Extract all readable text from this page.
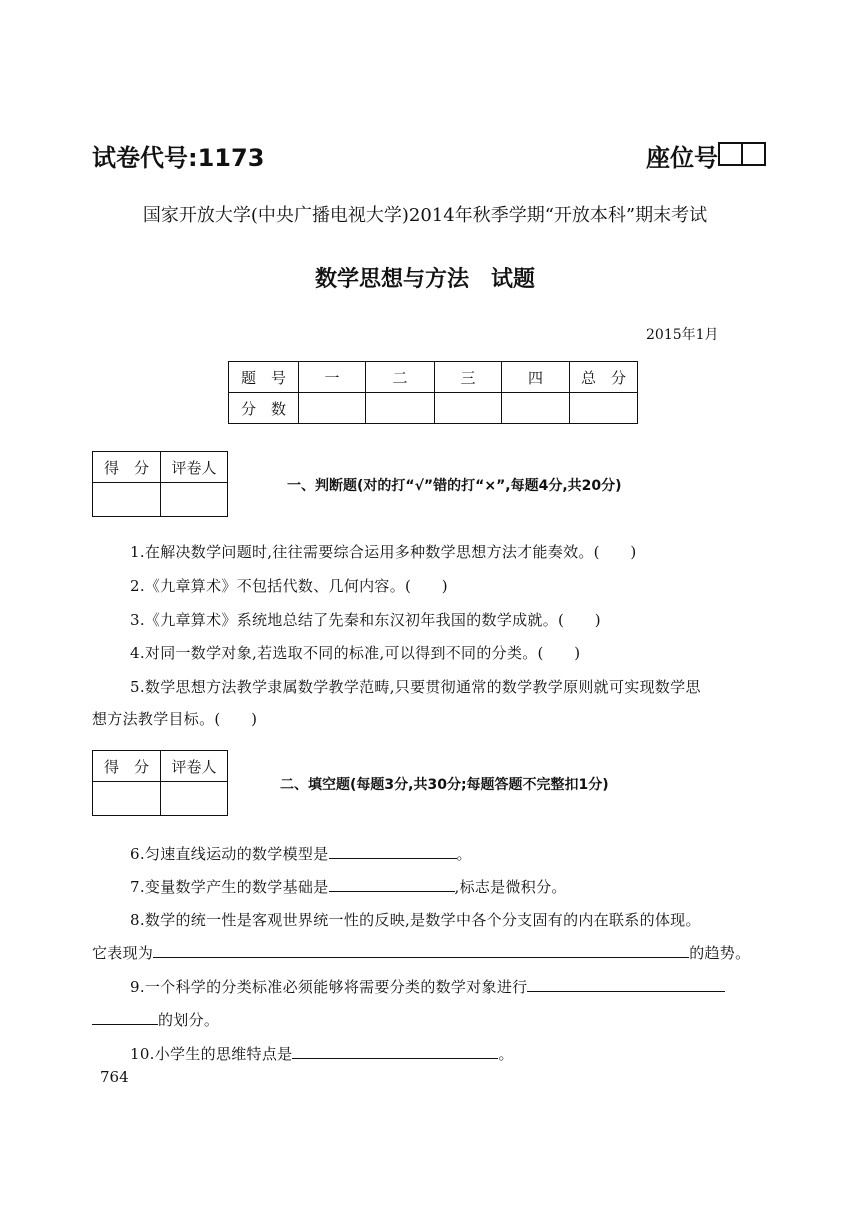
试卷代号:1173	座位号
国家开放大学(中央广播电视大学)2014年秋季学期“开放本科”期末考试
数学思想与方法　试题
2015年1月
题　号	一	二	三	四	总　分
分　数					
得　分	评卷人

一、判断题(对的打“√”错的打“×”,每题4分,共20分)
1.在解决数学问题时,往往需要综合运用多种数学思想方法才能奏效。(　　)
2.《九章算术》不包括代数、几何内容。(　　)
3.《九章算术》系统地总结了先秦和东汉初年我国的数学成就。(　　)
4.对同一数学对象,若选取不同的标准,可以得到不同的分类。(　　)
5.数学思想方法教学隶属数学教学范畴,只要贯彻通常的数学教学原则就可实现数学思
想方法教学目标。(　　)
得　分	评卷人

二、填空题(每题3分,共30分;每题答题不完整扣1分)
6.匀速直线运动的数学模型是	。
7.变量数学产生的数学基础是	,标志是微积分。
8.数学的统一性是客观世界统一性的反映,是数学中各个分支固有的内在联系的体现。
它表现为	的趋势。
9.一个科学的分类标准必须能够将需要分类的数学对象进行
的划分。
10.小学生的思维特点是	。
764
